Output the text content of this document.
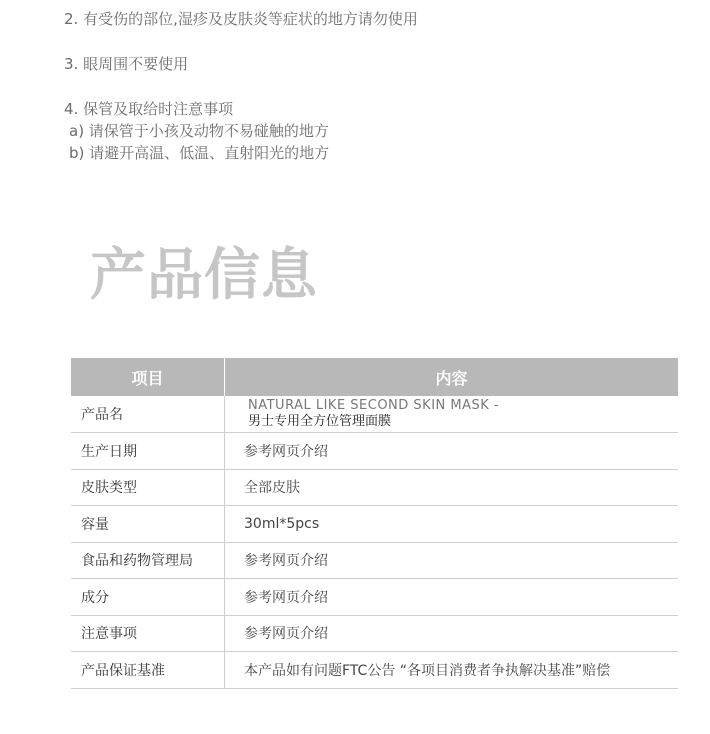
2. 有受伤的部位,湿疹及皮肤炎等症状的地方请勿使用

3. 眼周围不要使用

4. 保管及取给时注意事项

a) 请保管于小孩及动物不易碰触的地方

b) 请避开高温、低温、直射阳光的地方

产品信息
项目	内容
产品名	NATURAL LIKE SECOND SKIN MASK -
男士专用全方位管理面膜

生产日期	参考网页介绍
皮肤类型	全部皮肤
容量	30ml*5pcs
食品和药物管理局	参考网页介绍
成分	参考网页介绍
注意事项	参考网页介绍
产品保证基准	本产品如有问题FTC公告 “各项目消费者争执解决基准”赔偿
